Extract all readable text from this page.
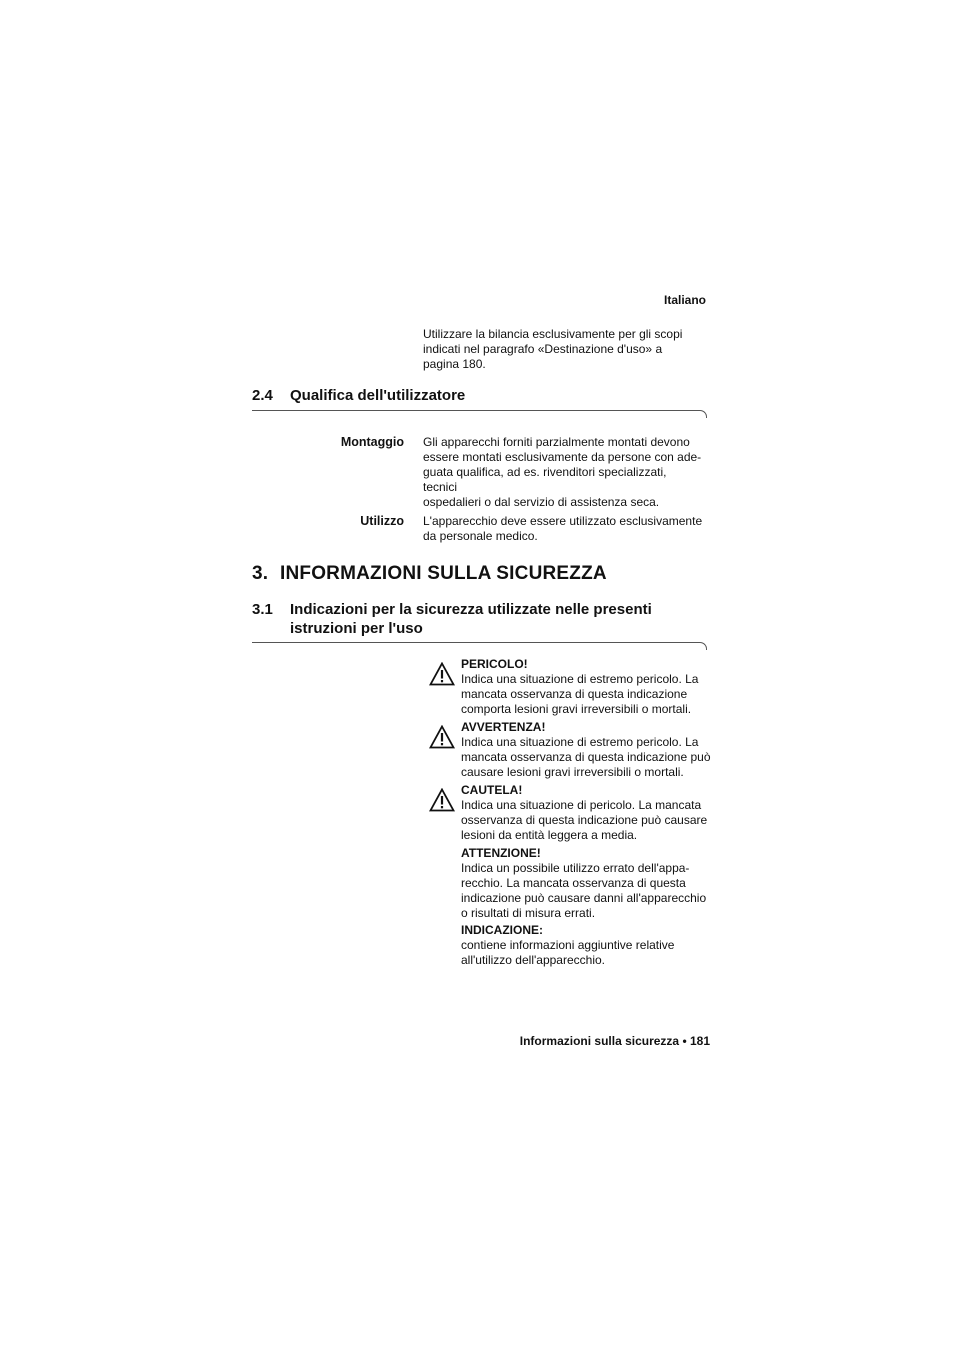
Italiano
Utilizzare la bilancia esclusivamente per gli scopi
indicati nel paragrafo «Destinazione d'uso» a
pagina 180.
2.4 Qualifica dell'utilizzatore
Montaggio Gli apparecchi forniti parzialmente montati devono
essere montati esclusivamente da persone con ade-
guata qualifica, ad es. rivenditori specializzati, tecnici
ospedalieri o dal servizio di assistenza seca.
Utilizzo L'apparecchio deve essere utilizzato esclusivamente
da personale medico.
3. INFORMAZIONI SULLA SICUREZZA
3.1 Indicazioni per la sicurezza utilizzate nelle presenti
istruzioni per l'uso
PERICOLO!
Indica una situazione di estremo pericolo. La
mancata osservanza di questa indicazione
comporta lesioni gravi irreversibili o mortali.
AVVERTENZA!
Indica una situazione di estremo pericolo. La
mancata osservanza di questa indicazione può
causare lesioni gravi irreversibili o mortali.
CAUTELA!
Indica una situazione di pericolo. La mancata
osservanza di questa indicazione può causare
lesioni da entità leggera a media.
ATTENZIONE!
Indica un possibile utilizzo errato dell'appa-
recchio. La mancata osservanza di questa
indicazione può causare danni all'apparecchio
o risultati di misura errati.
INDICAZIONE:
contiene informazioni aggiuntive relative
all'utilizzo dell'apparecchio.
Informazioni sulla sicurezza • 181
